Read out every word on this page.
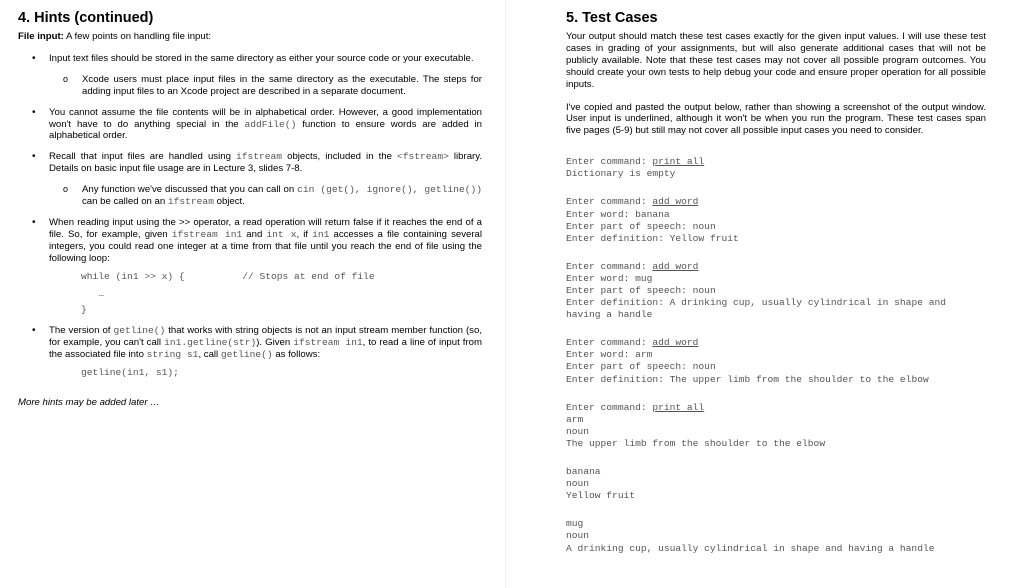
4. Hints (continued)

File input: A few points on handling file input:

• Input text files should be stored in the same directory as either your source code or your executable.
o Xcode users must place input files in the same directory as the executable. The steps for adding input files to an Xcode project are described in a separate document.
• You cannot assume the file contents will be in alphabetical order. However, a good implementation won't have to do anything special in the addFile() function to ensure words are added in alphabetical order.
• Recall that input files are handled using ifstream objects, included in the <fstream> library. Details on basic input file usage are in Lecture 3, slides 7-8.
o Any function we've discussed that you can call on cin (get(), ignore(), getline()) can be called on an ifstream object.
• When reading input using the >> operator, a read operation will return false if it reaches the end of a file. So, for example, given ifstream in1 and int x, if in1 accesses a file containing several integers, you could read one integer at a time from that file until you reach the end of file using the following loop:
while (in1 >> x) {          // Stops at end of file
…
}
• The version of getline() that works with string objects is not an input stream member function (so, for example, you can't call in1.getline(str)). Given ifstream in1, to read a line of input from the associated file into string s1, call getline() as follows:
getline(in1, s1);
More hints may be added later …
5. Test Cases

Your output should match these test cases exactly for the given input values. I will use these test cases in grading of your assignments, but will also generate additional cases that will not be publicly available. Note that these test cases may not cover all possible program outcomes. You should create your own tests to help debug your code and ensure proper operation for all possible inputs.

I've copied and pasted the output below, rather than showing a screenshot of the output window. User input is underlined, although it won't be when you run the program. These test cases span five pages (5-9) but still may not cover all possible input cases you need to consider.

Enter command: print all
Dictionary is empty
Enter command: add word
Enter word: banana
Enter part of speech: noun
Enter definition: Yellow fruit
Enter command: add word
Enter word: mug
Enter part of speech: noun
Enter definition: A drinking cup, usually cylindrical in shape and having a handle
Enter command: add word
Enter word: arm
Enter part of speech: noun
Enter definition: The upper limb from the shoulder to the elbow
Enter command: print all
arm
noun
The upper limb from the shoulder to the elbow
banana
noun
Yellow fruit
mug
noun
A drinking cup, usually cylindrical in shape and having a handle
